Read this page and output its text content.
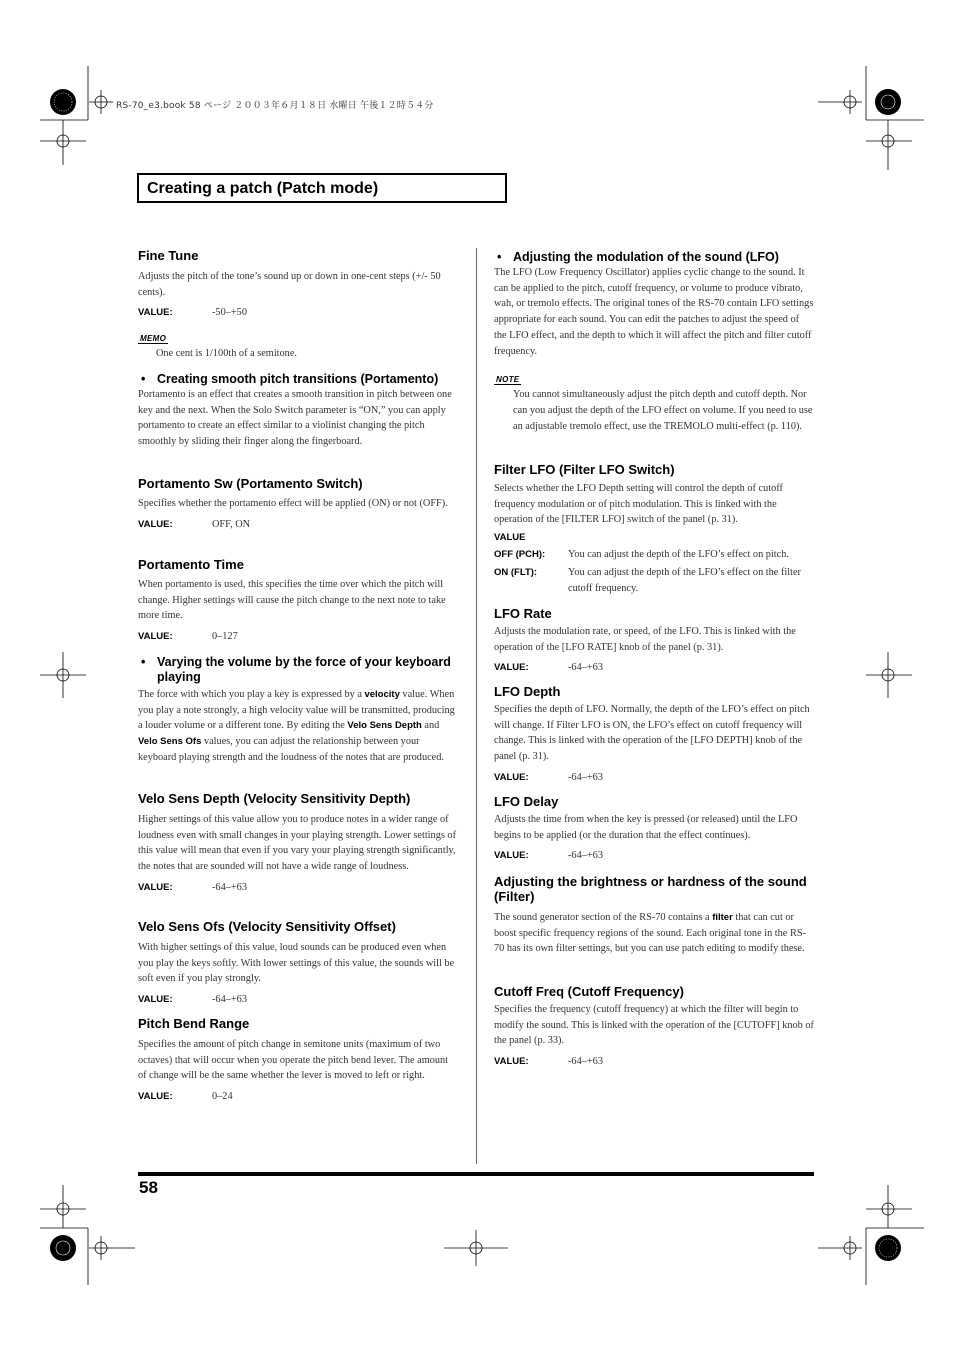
RS-70_e3.book 58 ページ ２００３年６月１８日 水曜日 午後１２時５４分
Creating a patch (Patch mode)
Fine Tune
Adjusts the pitch of the tone’s sound up or down in one-cent steps (+/- 50 cents).
VALUE:	-50–+50
MEMO
One cent is 1/100th of a semitone.
• Creating smooth pitch transitions (Portamento)
Portamento is an effect that creates a smooth transition in pitch between one key and the next. When the Solo Switch parameter is “ON,” you can apply portamento to create an effect similar to a violinist changing the pitch smoothly by sliding their finger along the fingerboard.
Portamento Sw (Portamento Switch)
Specifies whether the portamento effect will be applied (ON) or not (OFF).
VALUE:	OFF, ON
Portamento Time
When portamento is used, this specifies the time over which the pitch will change. Higher settings will cause the pitch change to the next note to take more time.
VALUE:	0–127
• Varying the volume by the force of your keyboard playing
The force with which you play a key is expressed by a velocity value. When you play a note strongly, a high velocity value will be transmitted, producing a louder volume or a different tone. By editing the Velo Sens Depth and Velo Sens Ofs values, you can adjust the relationship between your keyboard playing strength and the loudness of the notes that are produced.
Velo Sens Depth (Velocity Sensitivity Depth)
Higher settings of this value allow you to produce notes in a wider range of loudness even with small changes in your playing strength. Lower settings of this value will mean that even if you vary your playing strength significantly, the notes that are sounded will not have a wide range of loudness.
VALUE:	-64–+63
Velo Sens Ofs (Velocity Sensitivity Offset)
With higher settings of this value, loud sounds can be produced even when you play the keys softly. With lower settings of this value, the sounds will be soft even if you play strongly.
VALUE:	-64–+63
Pitch Bend Range
Specifies the amount of pitch change in semitone units (maximum of two octaves) that will occur when you operate the pitch bend lever. The amount of change will be the same whether the lever is moved to left or right.
VALUE:	0–24
• Adjusting the modulation of the sound (LFO)
The LFO (Low Frequency Oscillator) applies cyclic change to the sound. It can be applied to the pitch, cutoff frequency, or volume to produce vibrato, wah, or tremolo effects. The original tones of the RS-70 contain LFO settings appropriate for each sound. You can edit the patches to adjust the speed of the LFO effect, and the depth to which it will affect the pitch and filter cutoff frequency.
NOTE
You cannot simultaneously adjust the pitch depth and cutoff depth. Nor can you adjust the depth of the LFO effect on volume. If you need to use an adjustable tremolo effect, use the TREMOLO multi-effect (p. 110).
Filter LFO (Filter LFO Switch)
Selects whether the LFO Depth setting will control the depth of cutoff frequency modulation or of pitch modulation. This is linked with the operation of the [FILTER LFO] switch of the panel (p. 31).
VALUE
OFF (PCH): You can adjust the depth of the LFO’s effect on pitch.
ON (FLT):	You can adjust the depth of the LFO’s effect on the filter cutoff frequency.
LFO Rate
Adjusts the modulation rate, or speed, of the LFO. This is linked with the operation of the [LFO RATE] knob of the panel (p. 31).
VALUE:	-64–+63
LFO Depth
Specifies the depth of LFO. Normally, the depth of the LFO’s effect on pitch will change. If Filter LFO is ON, the LFO’s effect on cutoff frequency will change. This is linked with the operation of the [LFO DEPTH] knob of the panel (p. 31).
VALUE:	-64–+63
LFO Delay
Adjusts the time from when the key is pressed (or released) until the LFO begins to be applied (or the duration that the effect continues).
VALUE:	-64–+63
Adjusting the brightness or hardness of the sound (Filter)
The sound generator section of the RS-70 contains a filter that can cut or boost specific frequency regions of the sound. Each original tone in the RS-70 has its own filter settings, but you can use patch editing to modify these.
Cutoff Freq (Cutoff Frequency)
Specifies the frequency (cutoff frequency) at which the filter will begin to modify the sound. This is linked with the operation of the [CUTOFF] knob of the panel (p. 33).
VALUE:	-64–+63
58
